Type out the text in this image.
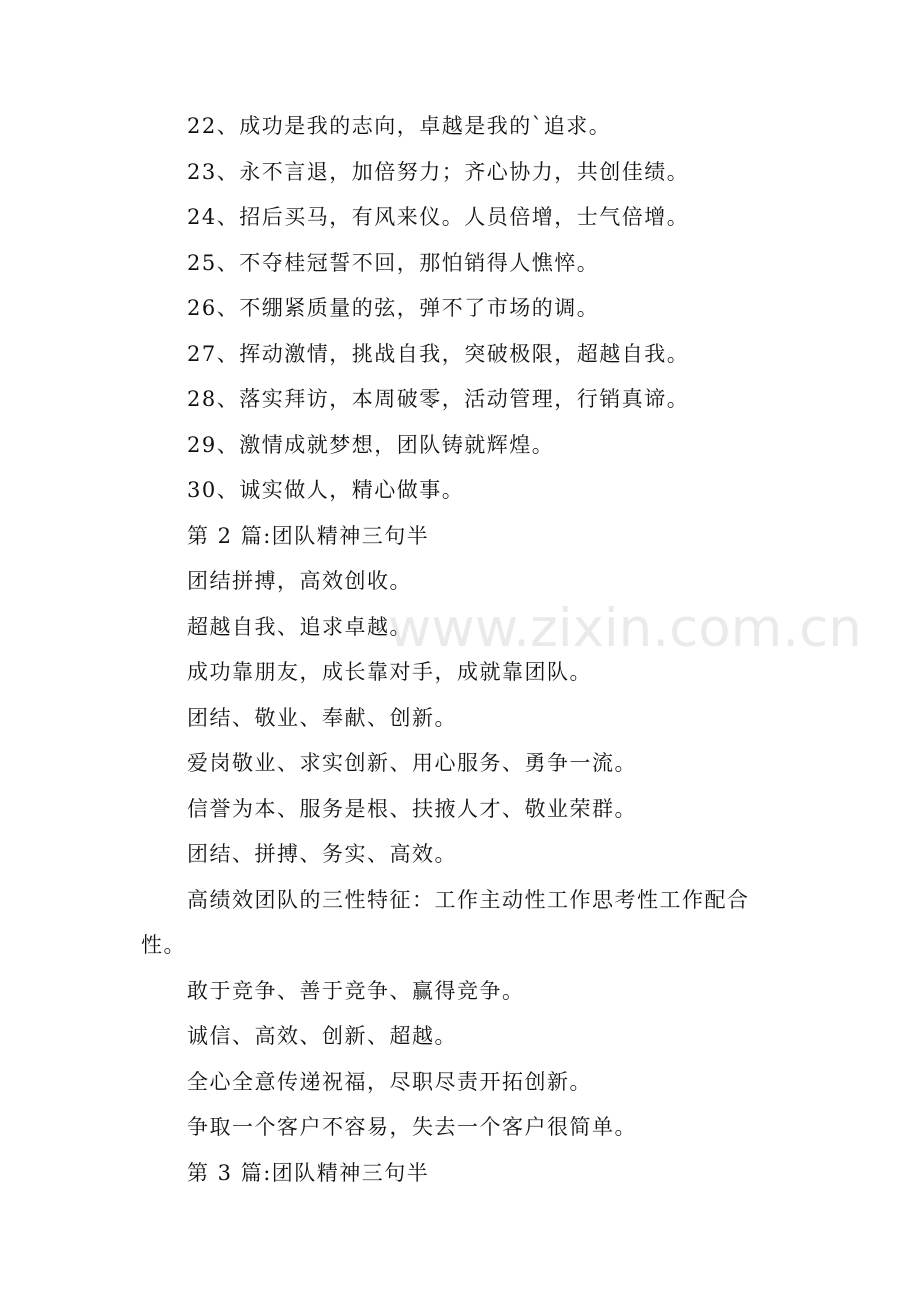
www.zixin.com.cn

22、成功是我的志向，卓越是我的`追求。

23、永不言退，加倍努力；齐心协力，共创佳绩。

24、招后买马，有风来仪。人员倍增，士气倍增。

25、不夺桂冠誓不回，那怕销得人憔悴。

26、不绷紧质量的弦，弹不了市场的调。

27、挥动激情，挑战自我，突破极限，超越自我。

28、落实拜访，本周破零，活动管理，行销真谛。

29、激情成就梦想，团队铸就辉煌。

30、诚实做人，精心做事。

第 2 篇:团队精神三句半

团结拼搏，高效创收。

超越自我、追求卓越。

成功靠朋友，成长靠对手，成就靠团队。

团结、敬业、奉献、创新。

爱岗敬业、求实创新、用心服务、勇争一流。

信誉为本、服务是根、扶掖人才、敬业荣群。

团结、拼搏、务实、高效。

高绩效团队的三性特征：工作主动性工作思考性工作配合性。

敢于竞争、善于竞争、赢得竞争。

诚信、高效、创新、超越。

全心全意传递祝福，尽职尽责开拓创新。

争取一个客户不容易，失去一个客户很简单。

第 3 篇:团队精神三句半
